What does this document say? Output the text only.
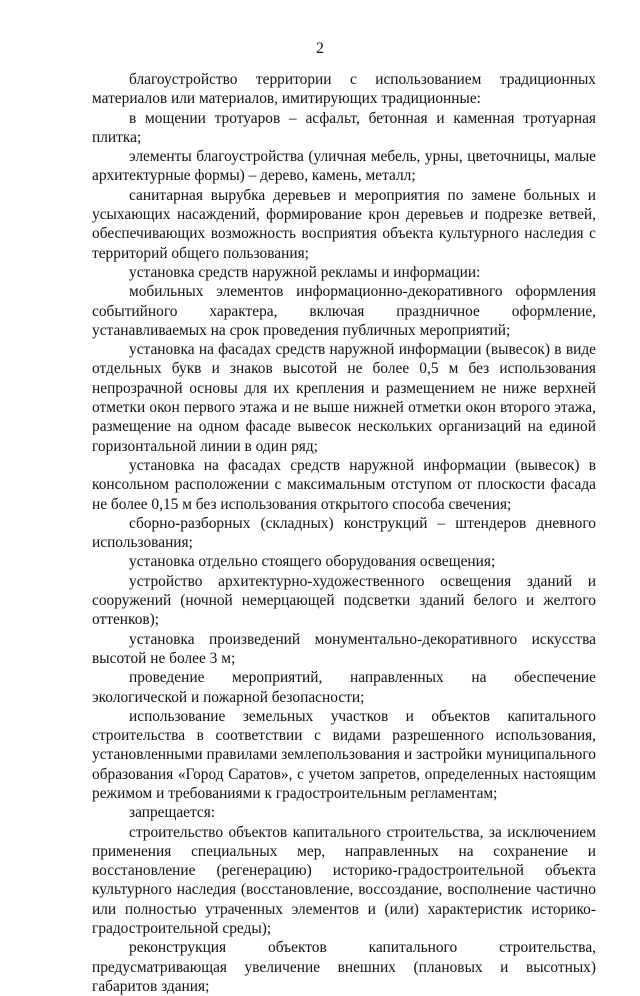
2

благоустройство территории с использованием традиционных материалов или материалов, имитирующих традиционные:

в мощении тротуаров – асфальт, бетонная и каменная тротуарная плитка;

элементы благоустройства (уличная мебель, урны, цветочницы, малые архитектурные формы) – дерево, камень, металл;

санитарная вырубка деревьев и мероприятия по замене больных и усыхающих насаждений, формирование крон деревьев и подрезке ветвей, обеспечивающих возможность восприятия объекта культурного наследия с территорий общего пользования;

установка средств наружной рекламы и информации:

мобильных элементов информационно-декоративного оформления событийного характера, включая праздничное оформление, устанавливаемых на срок проведения публичных мероприятий;

установка на фасадах средств наружной информации (вывесок) в виде отдельных букв и знаков высотой не более 0,5 м без использования непрозрачной основы для их крепления и размещением не ниже верхней отметки окон первого этажа и не выше нижней отметки окон второго этажа, размещение на одном фасаде вывесок нескольких организаций на единой горизонтальной линии в один ряд;

установка на фасадах средств наружной информации (вывесок) в консольном расположении с максимальным отступом от плоскости фасада не более 0,15 м без использования открытого способа свечения;

сборно-разборных (складных) конструкций – штендеров дневного использования;

установка отдельно стоящего оборудования освещения;

устройство архитектурно-художественного освещения зданий и сооружений (ночной немерцающей подсветки зданий белого и желтого оттенков);

установка произведений монументально-декоративного искусства высотой не более 3 м;

проведение мероприятий, направленных на обеспечение экологической и пожарной безопасности;

использование земельных участков и объектов капитального строительства в соответствии с видами разрешенного использования, установленными правилами землепользования и застройки муниципального образования «Город Саратов», с учетом запретов, определенных настоящим режимом и требованиями к градостроительным регламентам;

запрещается:

строительство объектов капитального строительства, за исключением применения специальных мер, направленных на сохранение и восстановление (регенерацию) историко-градостроительной объекта культурного наследия (восстановление, воссоздание, восполнение частично или полностью утраченных элементов и (или) характеристик историко-градостроительной среды);

реконструкция объектов капитального строительства, предусматривающая увеличение внешних (плановых и высотных) габаритов здания;
